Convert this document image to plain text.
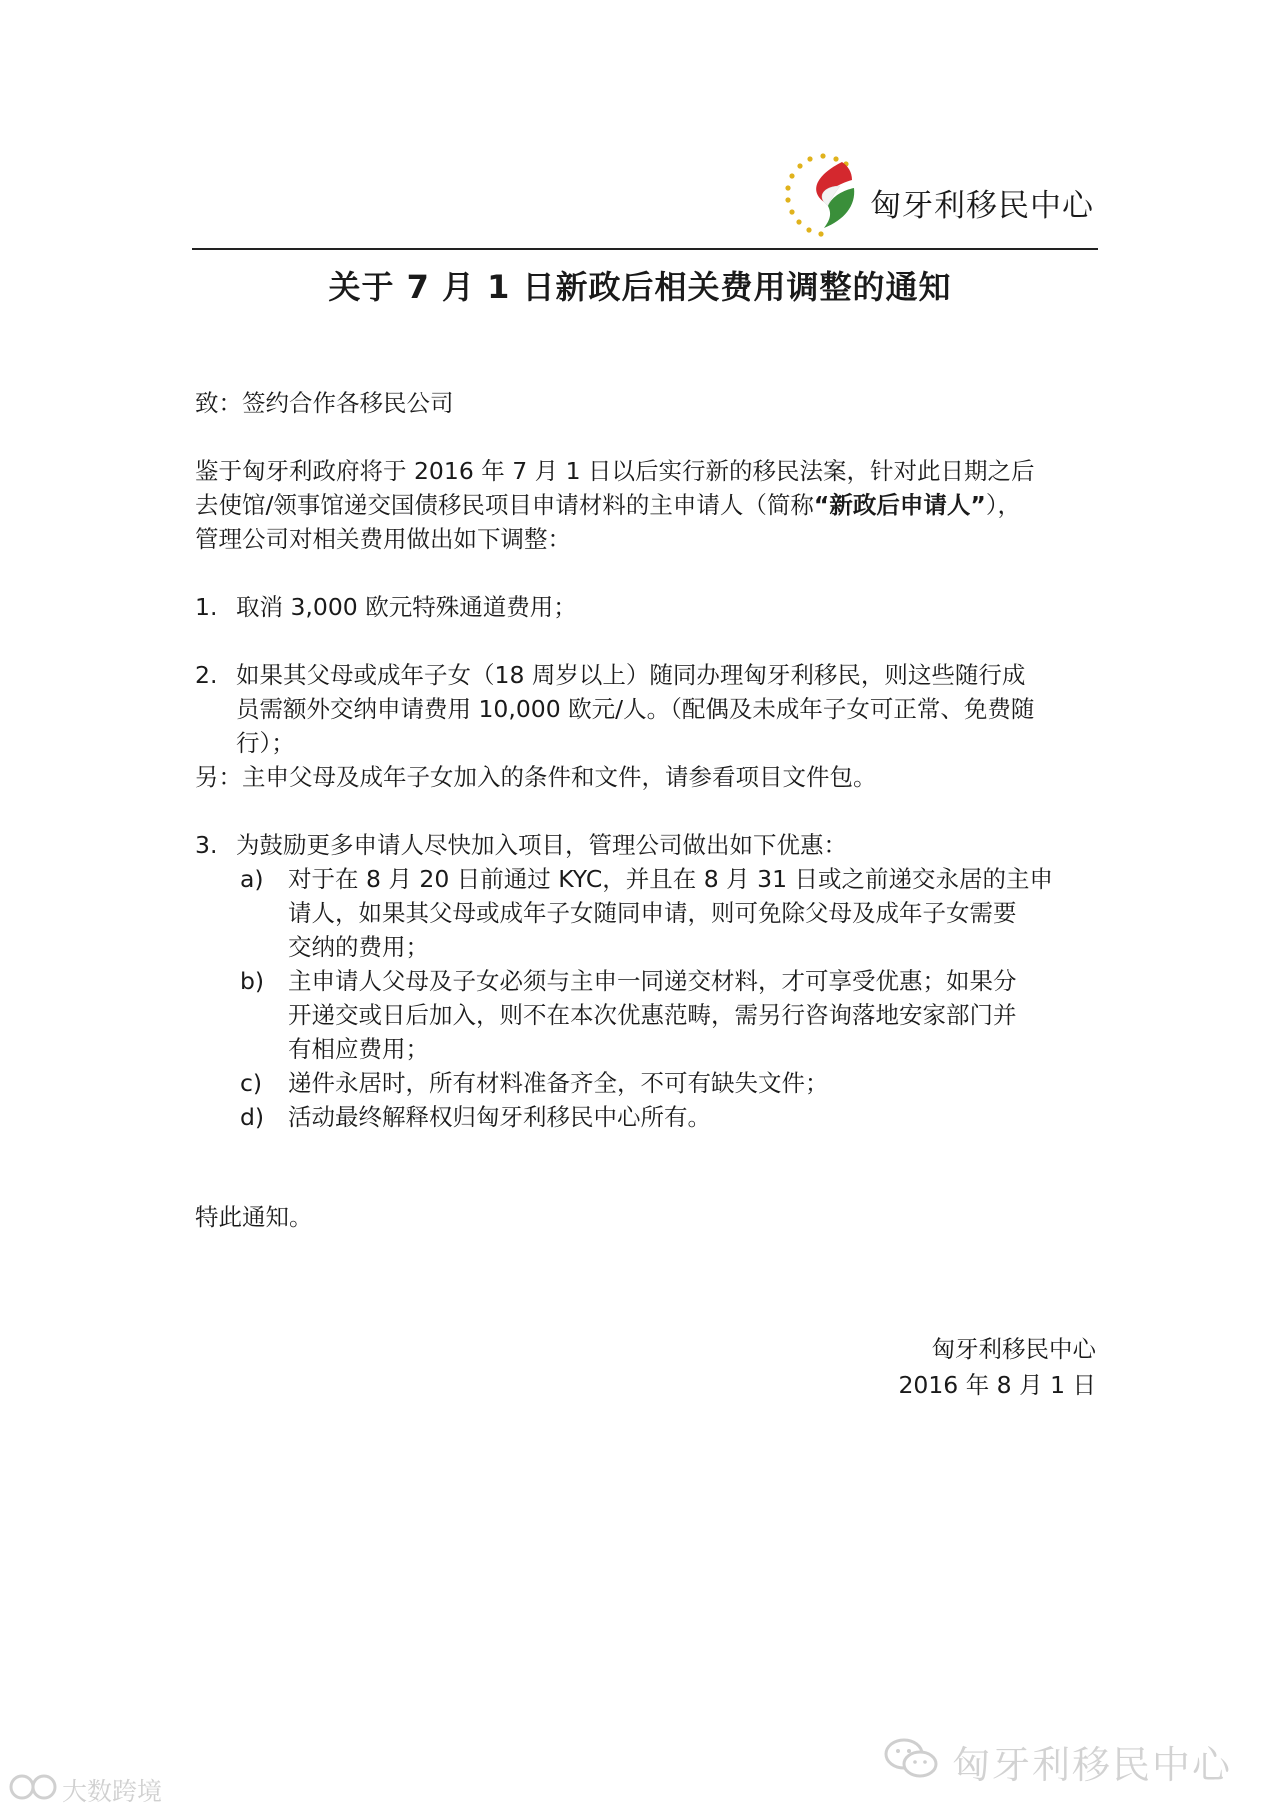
匈牙利移民中心
关于 7 月 1 日新政后相关费用调整的通知
致：签约合作各移民公司
鉴于匈牙利政府将于 2016 年 7 月 1 日以后实行新的移民法案，针对此日期之后
去使馆/领事馆递交国债移民项目申请材料的主申请人（简称“新政后申请人”），
管理公司对相关费用做出如下调整：
1. 取消 3,000 欧元特殊通道费用；
2. 如果其父母或成年子女（18 周岁以上）随同办理匈牙利移民，则这些随行成
员需额外交纳申请费用 10,000 欧元/人。（配偶及未成年子女可正常、免费随
行）；
另：主申父母及成年子女加入的条件和文件，请参看项目文件包。
3. 为鼓励更多申请人尽快加入项目，管理公司做出如下优惠：
a) 对于在 8 月 20 日前通过 KYC，并且在 8 月 31 日或之前递交永居的主申
请人，如果其父母或成年子女随同申请，则可免除父母及成年子女需要
交纳的费用；
b) 主申请人父母及子女必须与主申一同递交材料，才可享受优惠；如果分
开递交或日后加入，则不在本次优惠范畴，需另行咨询落地安家部门并
有相应费用；
c) 递件永居时，所有材料准备齐全，不可有缺失文件；
d) 活动最终解释权归匈牙利移民中心所有。
特此通知。
匈牙利移民中心
2016 年 8 月 1 日
匈牙利移民中心
大数跨境
